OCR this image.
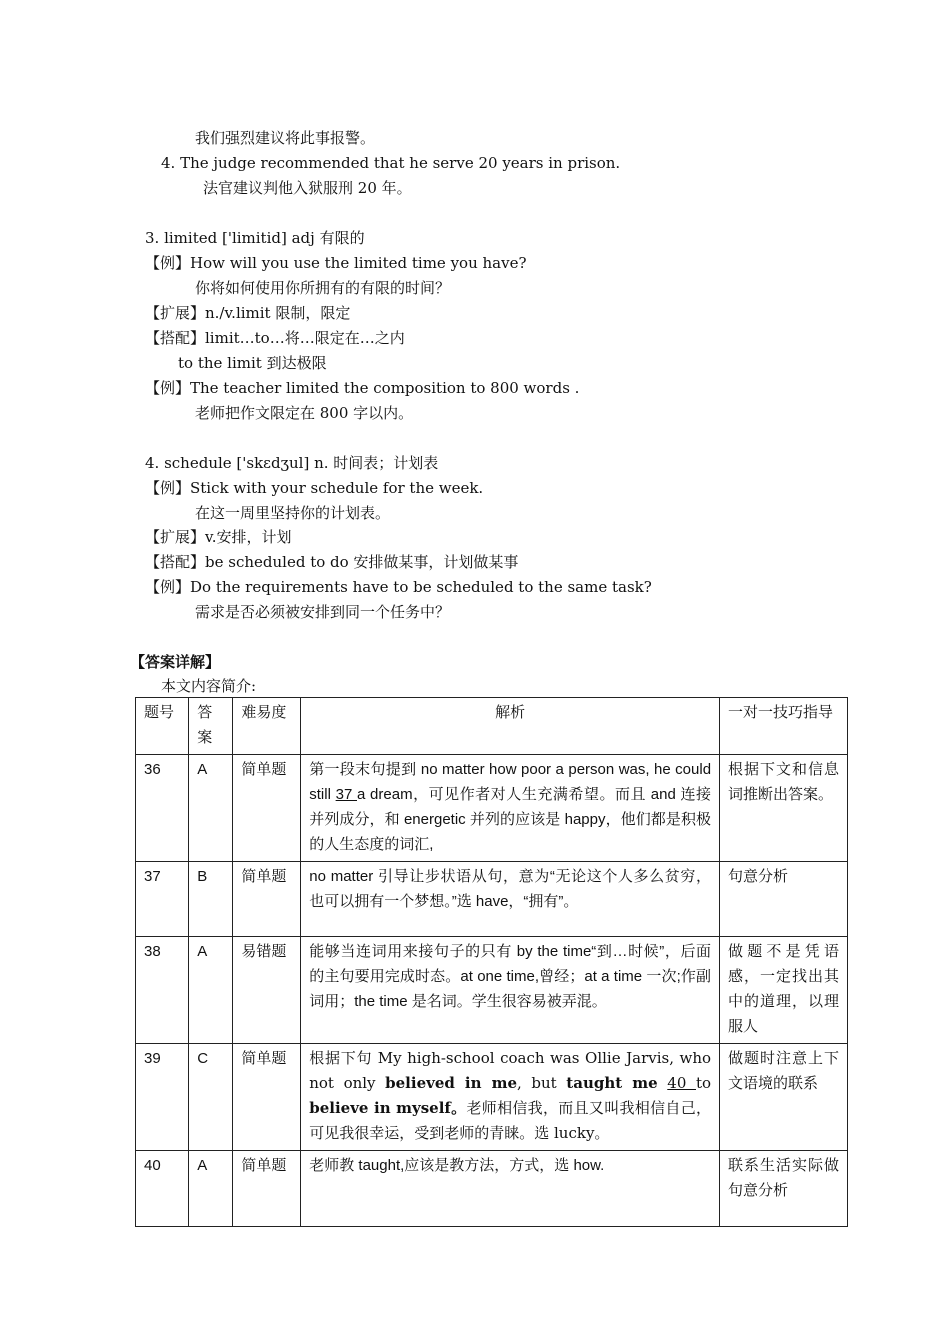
我们强烈建议将此事报警。
4. The judge recommended that he serve 20 years in prison.
法官建议判他入狱服刑 20 年。
3. limited ['limitid] adj 有限的
【例】How will you use the limited time you have?
你将如何使用你所拥有的有限的时间？
【扩展】n./v.limit 限制，限定
【搭配】limit…to…将…限定在…之内
to the limit 到达极限
【例】The teacher limited the composition to 800 words .
老师把作文限定在 800 字以内。
4. schedule ['skɛdʒul] n. 时间表；计划表
【例】Stick with your schedule for the week.
在这一周里坚持你的计划表。
【扩展】v.安排，计划
【搭配】be scheduled to do 安排做某事，计划做某事
【例】Do the requirements have to be scheduled to the same task?
需求是否必须被安排到同一个任务中？
【答案详解】
本文内容简介:
题号	答案	难易度	解析	一对一技巧指导
36	A	简单题	第一段末句提到 no matter how poor a person was, he could still 37 a dream，可见作者对人生充满希望。而且 and 连接并列成分，和 energetic 并列的应该是 happy，他们都是积极的人生态度的词汇,	根据下文和信息词推断出答案。
37	B	简单题	no matter 引导让步状语从句，意为“无论这个人多么贫穷，也可以拥有一个梦想。”选 have，“拥有”。	句意分析
38	A	易错题	能够当连词用来接句子的只有 by the time“到…时候”，后面的主句要用完成时态。at one time,曾经；at a time 一次;作副词用；the time 是名词。学生很容易被弄混。	做题不是凭语感，一定找出其中的道理，以理服人
39	C	简单题	根据下句 My high-school coach was Ollie Jarvis, who not only believed in me, but taught me 40 to believe in myself。老师相信我，而且又叫我相信自己，可见我很幸运，受到老师的青睐。选 lucky。	做题时注意上下文语境的联系
40	A	简单题	老师教 taught,应该是教方法，方式，选 how.	联系生活实际做句意分析
